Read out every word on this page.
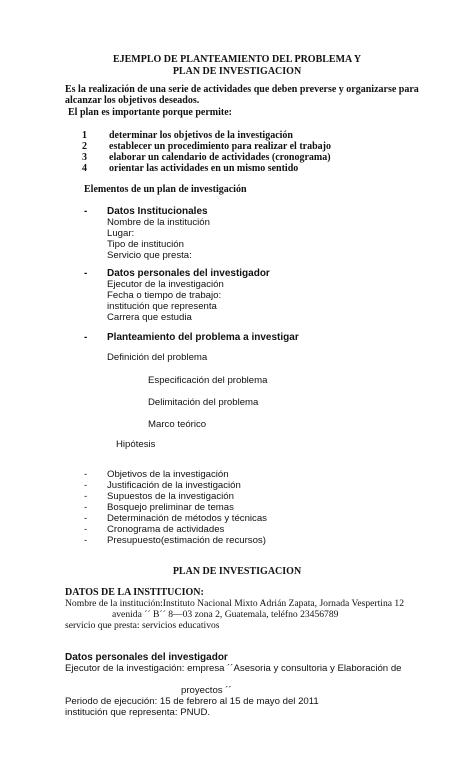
EJEMPLO DE PLANTEAMIENTO DEL PROBLEMA Y
PLAN DE INVESTIGACION
Es la realización de una serie de actividades que deben preverse y organizarse para
alcanzar los objetivos deseados.
El plan es importante porque permite:
1 determinar los objetivos de la investigación
2 establecer un procedimiento para realizar el trabajo
3 elaborar un calendario de actividades (cronograma)
4 orientar las actividades en un mismo sentido
Elementos de un plan de investigación
- Datos Institucionales
Nombre de la institución
Lugar:
Tipo de institución
Servicio que presta:
- Datos personales del investigador
Ejecutor de la investigación
Fecha o tiempo de trabajo:
institución que representa
Carrera que estudia
- Planteamiento del problema a investigar
Definición del problema
Especificación del problema
Delimitación del problema
Marco teórico
Hipótesis
- Objetivos de la investigación
- Justificación de la investigación
- Supuestos de la investigación
- Bosquejo preliminar de temas
- Determinación de métodos y técnicas
- Cronograma de actividades
- Presupuesto(estimación de recursos)
PLAN DE INVESTIGACION
DATOS DE LA INSTITUCION:
Nombre de la institución:Instituto Nacional Mixto Adrián Zapata, Jornada Vespertina 12
avenida ´´ B´´ 8—03 zona 2, Guatemala, teléfno 23456789
servicio que presta: servicios educativos
Datos personales del investigador
Ejecutor de la investigación: empresa ´´Asesoria y consultoria y Elaboración de
proyectos ´´
Periodo de ejecución: 15 de febrero al 15 de mayo del 2011
institución que representa: PNUD.
